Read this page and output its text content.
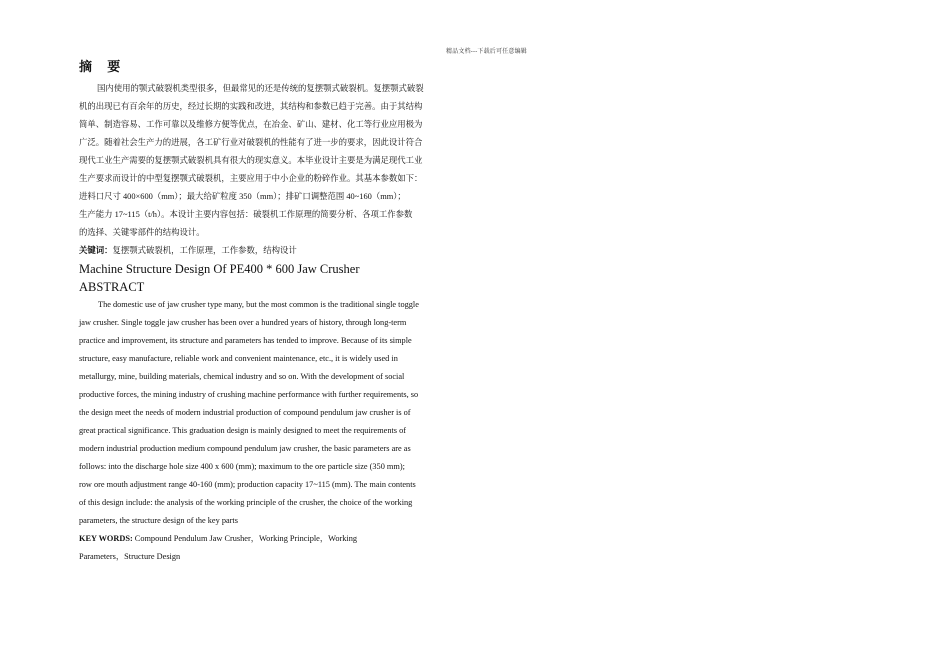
精品文档---下载后可任意编辑
摘 要
国内使用的颚式破裂机类型很多，但最常见的还是传统的复摆颚式破裂机。复摆颚式破裂
机的出现已有百余年的历史，经过长期的实践和改进，其结构和参数已趋于完善。由于其结构
简单、制造容易、工作可靠以及维修方便等优点，在冶金、矿山、建材、化工等行业应用极为
广泛。随着社会生产力的进展，各工矿行业对破裂机的性能有了进一步的要求，因此设计符合
现代工业生产需要的复摆颚式破裂机具有很大的现实意义。本毕业设计主要是为满足现代工业
生产要求而设计的中型复摆颚式破裂机，主要应用于中小企业的粉碎作业。其基本参数如下：
进料口尺寸 400×600（mm）；最大给矿粒度 350（mm）；排矿口调整范围 40~160（mm）；
生产能力 17~115（t/h）。本设计主要内容包括：破裂机工作原理的简要分析、各项工作参数
的选择、关键零部件的结构设计。
关键词：复摆颚式破裂机，工作原理，工作参数，结构设计
Machine Structure Design Of PE400 * 600 Jaw Crusher
ABSTRACT
The domestic use of jaw crusher type many, but the most common is the traditional single toggle
jaw crusher. Single toggle jaw crusher has been over a hundred years of history, through long-term
practice and improvement, its structure and parameters has tended to improve. Because of its simple
structure, easy manufacture, reliable work and convenient maintenance, etc., it is widely used in
metallurgy, mine, building materials, chemical industry and so on. With the development of social
productive forces, the mining industry of crushing machine performance with further requirements, so
the design meet the needs of modern industrial production of compound pendulum jaw crusher is of
great practical significance. This graduation design is mainly designed to meet the requirements of
modern industrial production medium compound pendulum jaw crusher, the basic parameters are as
follows: into the discharge hole size 400 x 600 (mm); maximum to the ore particle size (350 mm);
row ore mouth adjustment range 40-160 (mm); production capacity 17~115 (mm). The main contents
of this design include: the analysis of the working principle of the crusher, the choice of the working
parameters, the structure design of the key parts
KEY WORDS: Compound Pendulum Jaw Crusher，Working Principle，Working
Parameters，Structure Design
